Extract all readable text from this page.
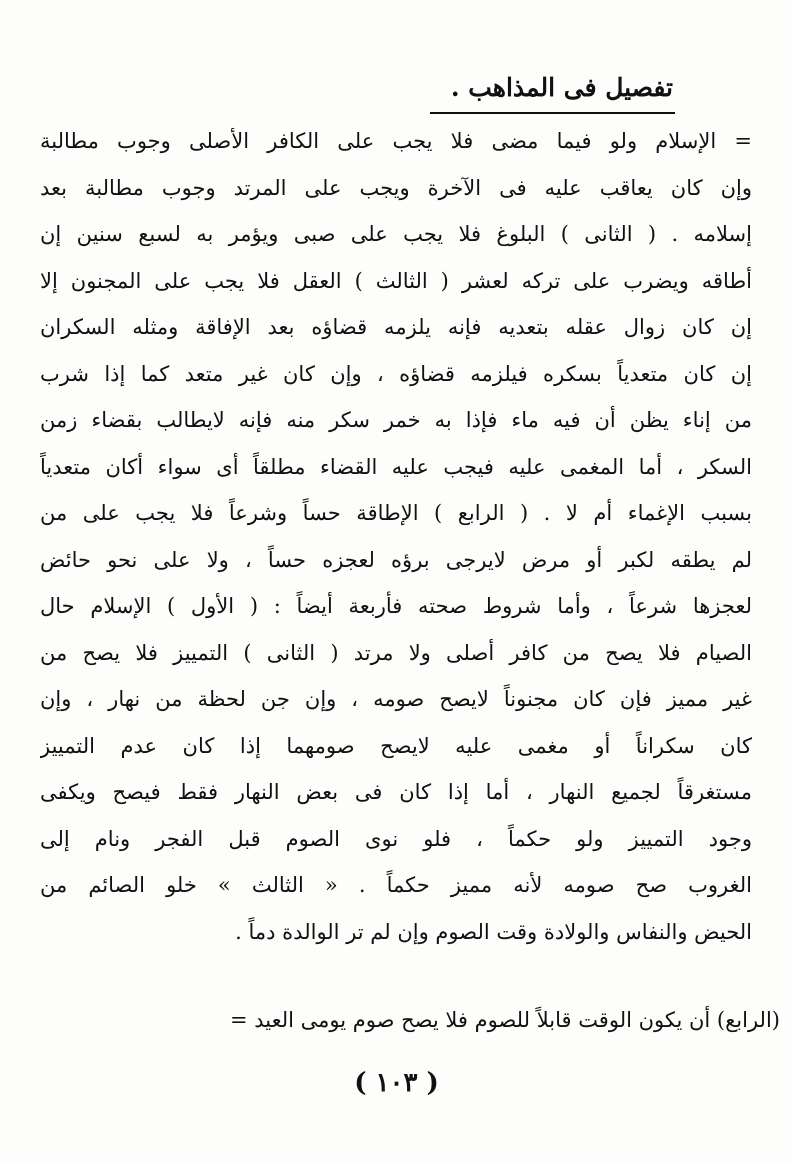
تفصيل فى المذاهب .
= الإسلام ولو فيما مضى فلا يجب على الكافر الأصلى وجوب مطالبة
وإن كان يعاقب عليه فى الآخرة ويجب على المرتد وجوب مطالبة بعد
إسلامه . ( الثانى ) البلوغ فلا يجب على صبى ويؤمر به لسبع سنين إن
أطاقه ويضرب على تركه لعشر ( الثالث ) العقل فلا يجب على المجنون إلا
إن كان زوال عقله بتعديه فإنه يلزمه قضاؤه بعد الإفاقة ومثله السكران
إن كان متعدياً بسكره فيلزمه قضاؤه ، وإن كان غير متعد كما إذا شرب
من إناء يظن أن فيه ماء فإذا به خمر سكر منه فإنه لايطالب بقضاء زمن
السكر ، أما المغمى عليه فيجب عليه القضاء مطلقاً أى سواء أكان متعدياً
بسبب الإغماء أم لا . ( الرابع ) الإطاقة حساً وشرعاً فلا يجب على من
لم يطقه لكبر أو مرض لايرجى برؤه لعجزه حساً ، ولا على نحو حائض
لعجزها شرعاً ، وأما شروط صحته فأربعة أيضاً : ( الأول ) الإسلام حال
الصيام فلا يصح من كافر أصلى ولا مرتد ( الثانى ) التمييز فلا يصح من
غير مميز فإن كان مجنوناً لايصح صومه ، وإن جن لحظة من نهار ، وإن
كان سكراناً أو مغمى عليه لايصح صومهما إذا كان عدم التمييز
مستغرقاً لجميع النهار ، أما إذا كان فى بعض النهار فقط فيصح ويكفى
وجود التمييز ولو حكماً ، فلو نوى الصوم قبل الفجر ونام إلى
الغروب صح صومه لأنه مميز حكماً . « الثالث » خلو الصائم من
الحيض والنفاس والولادة وقت الصوم وإن لم تر الوالدة دماً .
(الرابع) أن يكون الوقت قابلاً للصوم فلا يصح صوم يومى العيد =
( ١٠٣ )
